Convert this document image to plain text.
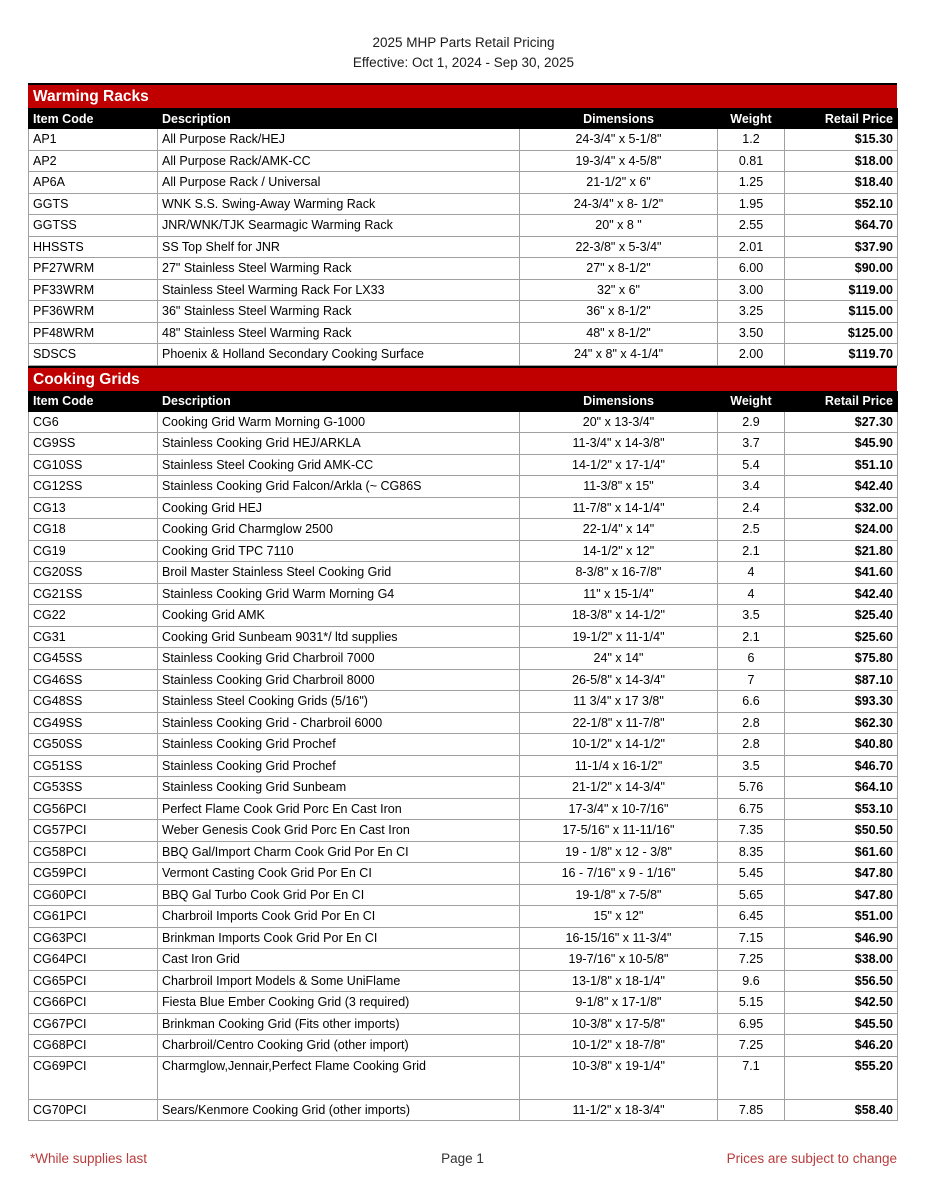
2025 MHP Parts Retail Pricing
Effective: Oct 1, 2024 - Sep 30, 2025
Warming Racks
Item Code	Description	Dimensions	Weight	Retail Price
AP1	All Purpose Rack/HEJ	24-3/4" x 5-1/8"	1.2	$15.30
AP2	All Purpose Rack/AMK-CC	19-3/4" x 4-5/8"	0.81	$18.00
AP6A	All Purpose Rack / Universal	21-1/2" x 6"	1.25	$18.40
GGTS	WNK S.S. Swing-Away Warming Rack	24-3/4" x 8- 1/2"	1.95	$52.10
GGTSS	JNR/WNK/TJK Searmagic Warming Rack	20" x 8 "	2.55	$64.70
HHSSTS	SS Top Shelf for JNR	22-3/8" x 5-3/4"	2.01	$37.90
PF27WRM	27" Stainless Steel Warming Rack	27" x 8-1/2"	6.00	$90.00
PF33WRM	Stainless Steel Warming Rack For LX33	32" x 6"	3.00	$119.00
PF36WRM	36" Stainless Steel Warming Rack	36" x 8-1/2"	3.25	$115.00
PF48WRM	48" Stainless Steel Warming Rack	48" x 8-1/2"	3.50	$125.00
SDSCS	Phoenix & Holland Secondary Cooking Surface	24" x 8" x 4-1/4"	2.00	$119.70
Cooking Grids
Item Code	Description	Dimensions	Weight	Retail Price
CG6	Cooking Grid Warm Morning G-1000	20" x 13-3/4"	2.9	$27.30
CG9SS	Stainless Cooking Grid HEJ/ARKLA	11-3/4" x 14-3/8"	3.7	$45.90
CG10SS	Stainless Steel Cooking Grid AMK-CC	14-1/2" x 17-1/4"	5.4	$51.10
CG12SS	Stainless Cooking Grid Falcon/Arkla (~ CG86S	11-3/8" x 15"	3.4	$42.40
CG13	Cooking Grid HEJ	11-7/8" x 14-1/4"	2.4	$32.00
CG18	Cooking Grid Charmglow 2500	22-1/4" x 14"	2.5	$24.00
CG19	Cooking Grid TPC 7110	14-1/2" x 12"	2.1	$21.80
CG20SS	Broil Master Stainless Steel Cooking Grid	8-3/8" x 16-7/8"	4	$41.60
CG21SS	Stainless Cooking Grid Warm Morning G4	11" x 15-1/4"	4	$42.40
CG22	Cooking Grid AMK	18-3/8" x 14-1/2"	3.5	$25.40
CG31	Cooking Grid Sunbeam 9031*/ ltd supplies	19-1/2" x 11-1/4"	2.1	$25.60
CG45SS	Stainless Cooking Grid Charbroil 7000	24" x 14"	6	$75.80
CG46SS	Stainless Cooking Grid Charbroil 8000	26-5/8" x 14-3/4"	7	$87.10
CG48SS	Stainless Steel Cooking Grids (5/16")	11 3/4" x 17 3/8"	6.6	$93.30
CG49SS	Stainless Cooking Grid - Charbroil 6000	22-1/8" x 11-7/8"	2.8	$62.30
CG50SS	Stainless Cooking Grid Prochef	10-1/2" x 14-1/2"	2.8	$40.80
CG51SS	Stainless Cooking Grid Prochef	11-1/4 x 16-1/2"	3.5	$46.70
CG53SS	Stainless Cooking Grid Sunbeam	21-1/2" x 14-3/4"	5.76	$64.10
CG56PCI	Perfect Flame Cook Grid Porc En Cast Iron	17-3/4" x 10-7/16"	6.75	$53.10
CG57PCI	Weber Genesis Cook Grid Porc En Cast Iron	17-5/16" x 11-11/16"	7.35	$50.50
CG58PCI	BBQ Gal/Import Charm Cook Grid Por En CI	19 - 1/8" x 12 - 3/8"	8.35	$61.60
CG59PCI	Vermont Casting Cook Grid Por En CI	16 - 7/16" x 9 - 1/16"	5.45	$47.80
CG60PCI	BBQ Gal Turbo Cook Grid Por En CI	19-1/8" x 7-5/8"	5.65	$47.80
CG61PCI	Charbroil Imports Cook Grid Por En CI	15" x 12"	6.45	$51.00
CG63PCI	Brinkman Imports Cook Grid Por En CI	16-15/16" x 11-3/4"	7.15	$46.90
CG64PCI	Cast Iron Grid	19-7/16" x 10-5/8"	7.25	$38.00
CG65PCI	Charbroil Import Models & Some UniFlame	13-1/8" x 18-1/4"	9.6	$56.50
CG66PCI	Fiesta Blue Ember Cooking Grid (3 required)	9-1/8" x 17-1/8"	5.15	$42.50
CG67PCI	Brinkman Cooking Grid (Fits other imports)	10-3/8" x 17-5/8"	6.95	$45.50
CG68PCI	Charbroil/Centro Cooking Grid (other import)	10-1/2" x 18-7/8"	7.25	$46.20
CG69PCI	Charmglow,Jennair,Perfect Flame Cooking Grid	10-3/8" x 19-1/4"	7.1	$55.20
CG70PCI	Sears/Kenmore Cooking Grid (other imports)	11-1/2" x 18-3/4"	7.85	$58.40
*While supplies last	Page 1	Prices are subject to change
